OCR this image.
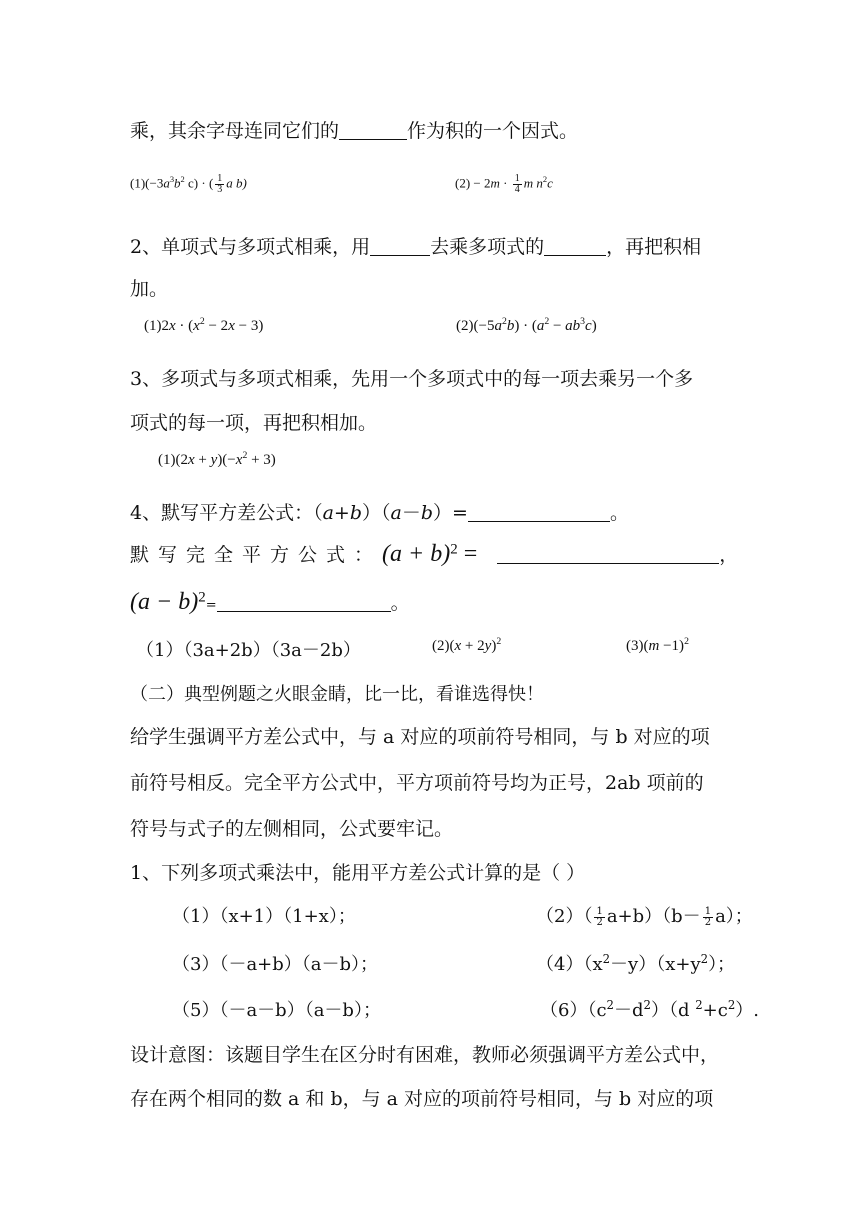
乘，其余字母连同它们的	作为积的一个因式。
$(1)(-3a^3b^2$ c) · ( $\frac{1}{3}$ a b)	$(2) - 2m \cdot \frac{1}{4}$ m $n^2c$
2、单项式与多项式相乘，用	去乘多项式的	，再把积相
加。
$(1)2x \cdot (x^2 - 2x - 3)$	$(2)(-5a^2b) \cdot (a^2 - ab^3c)$
3、多项式与多项式相乘，先用一个多项式中的每一项去乘另一个多
项式的每一项，再把积相加。
$(1)(2x + y)(-x^2 + 3)$
4、默写平方差公式：（a+b）（a－b）=	。
默写完全平方公式：$(a + b)^2$ =	，
$(a - b)^2=$	。
（1）（3a+2b）（3a－2b）	$(2)(x + 2y)^2$	$(3)(m -1)^2$
（二）典型例题之火眼金睛，比一比，看谁选得快！
给学生强调平方差公式中，与 a 对应的项前符号相同，与 b 对应的项
前符号相反。完全平方公式中，平方项前符号均为正号，2ab 项前的
符号与式子的左侧相同，公式要牢记。
1、下列多项式乘法中，能用平方差公式计算的是（ ）
（1）（x+1）（1+x）；	$(2)( \frac{1}{2} a+b)(b- \frac{1}{2} a)$；
（3）（－a+b）（a－b）；	$(4)(x^2-y)(x+y^2)$；
（5）（－a－b）（a－b）；	$(6)(c^2-d^2)(d$ $^2+c^2$）.
设计意图：该题目学生在区分时有困难，教师必须强调平方差公式中，
存在两个相同的数 a 和 b，与 a 对应的项前符号相同，与 b 对应的项
